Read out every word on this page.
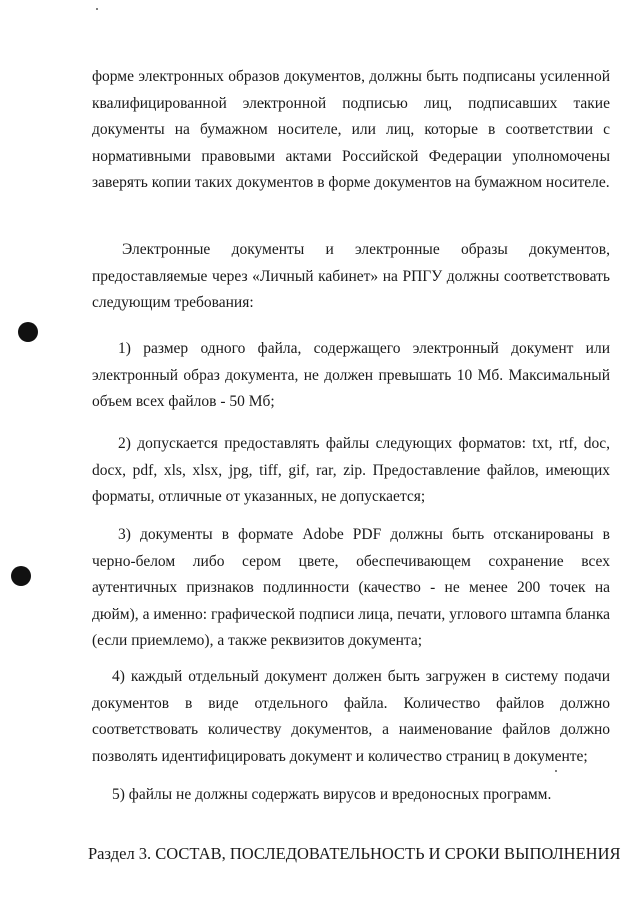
формe электронных образов документов, должны быть подписаны усиленной квалифицированной электронной подписью лиц, подписавших такие документы на бумажном носителе, или лиц, которые в соответствии с нормативными правовыми актами Российской Федерации уполномочены заверять копии таких документов в форме документов на бумажном носителе.
Электронные документы и электронные образы документов, предоставляемые через «Личный кабинет» на РПГУ должны соответствовать следующим требования:
1) размер одного файла, содержащего электронный документ или электронный образ документа, не должен превышать 10 Мб. Максимальный объем всех файлов - 50 Мб;
2) допускается предоставлять файлы следующих форматов: txt, rtf, doc, docx, pdf, xls, xlsx, jpg, tiff, gif, rar, zip. Предоставление файлов, имеющих форматы, отличные от указанных, не допускается;
3) документы в формате Adobe PDF должны быть отсканированы в черно-белом либо сером цвете, обеспечивающем сохранение всех аутентичных признаков подлинности (качество - не менее 200 точек на дюйм), а именно: графической подписи лица, печати, углового штампа бланка (если приемлемо), а также реквизитов документа;
4) каждый отдельный документ должен быть загружен в систему подачи документов в виде отдельного файла. Количество файлов должно соответствовать количеству документов, а наименование файлов должно позволять идентифицировать документ и количество страниц в документе;
5) файлы не должны содержать вирусов и вредоносных программ.
Раздел 3. СОСТАВ, ПОСЛЕДОВАТЕЛЬНОСТЬ И СРОКИ ВЫПОЛНЕНИЯ
